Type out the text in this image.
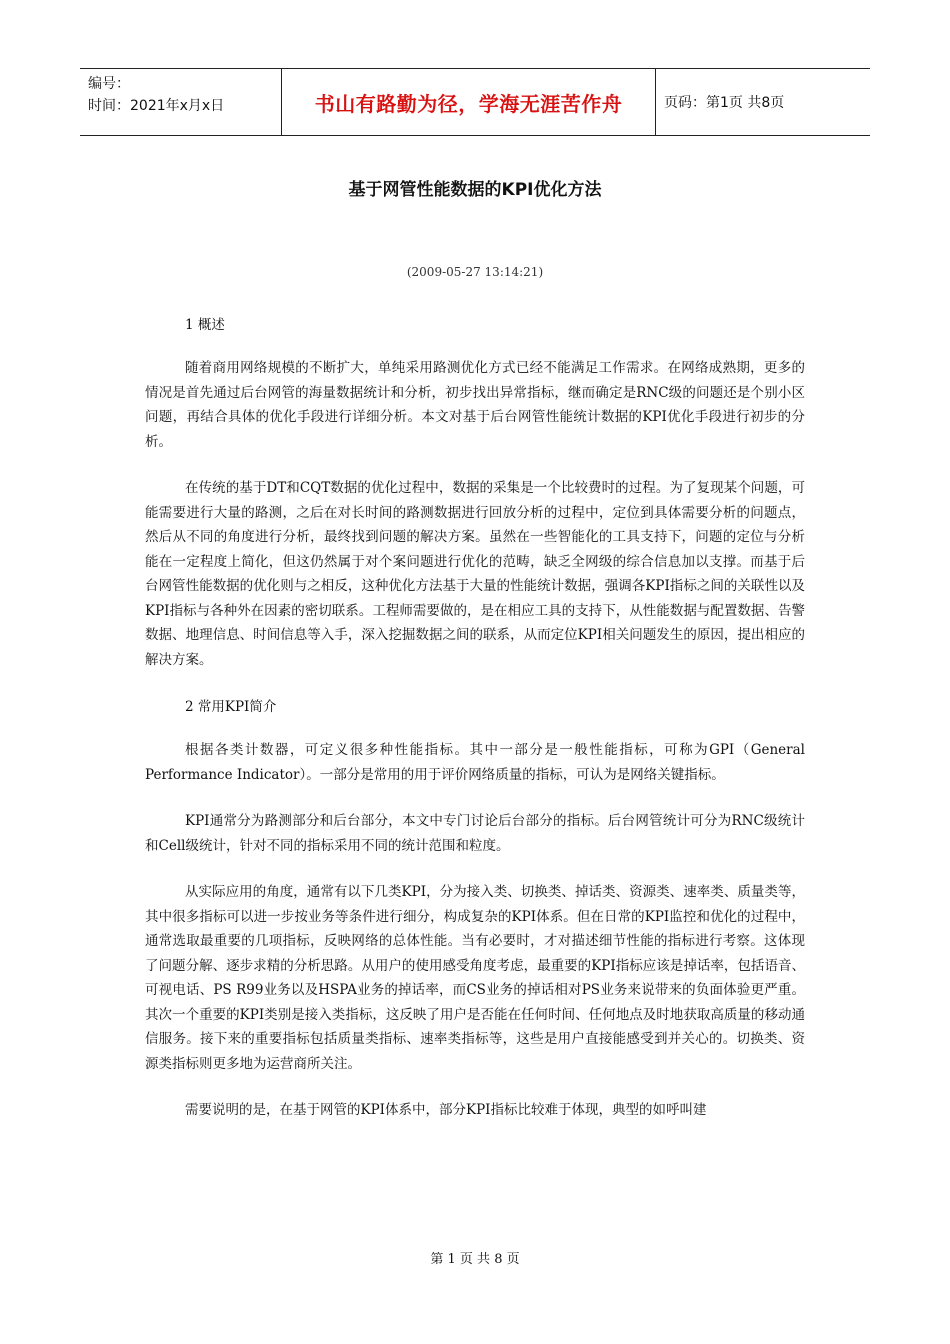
编号：
时间：2021年x月x日	书山有路勤为径，学海无涯苦作舟	页码：第1页 共8页
基于网管性能数据的KPI优化方法
(2009-05-27 13:14:21)
1 概述

随着商用网络规模的不断扩大，单纯采用路测优化方式已经不能满足工作需求。在网络成熟期，更多的情况是首先通过后台网管的海量数据统计和分析，初步找出异常指标，继而确定是RNC级的问题还是个别小区问题，再结合具体的优化手段进行详细分析。本文对基于后台网管性能统计数据的KPI优化手段进行初步的分析。

在传统的基于DT和CQT数据的优化过程中，数据的采集是一个比较费时的过程。为了复现某个问题，可能需要进行大量的路测，之后在对长时间的路测数据进行回放分析的过程中，定位到具体需要分析的问题点，然后从不同的角度进行分析，最终找到问题的解决方案。虽然在一些智能化的工具支持下，问题的定位与分析能在一定程度上简化，但这仍然属于对个案问题进行优化的范畴，缺乏全网级的综合信息加以支撑。而基于后台网管性能数据的优化则与之相反，这种优化方法基于大量的性能统计数据，强调各KPI指标之间的关联性以及KPI指标与各种外在因素的密切联系。工程师需要做的，是在相应工具的支持下，从性能数据与配置数据、告警数据、地理信息、时间信息等入手，深入挖掘数据之间的联系，从而定位KPI相关问题发生的原因，提出相应的解决方案。

2 常用KPI简介

根据各类计数器，可定义很多种性能指标。其中一部分是一般性能指标，可称为GPI（General Performance Indicator）。一部分是常用的用于评价网络质量的指标，可认为是网络关键指标。

KPI通常分为路测部分和后台部分，本文中专门讨论后台部分的指标。后台网管统计可分为RNC级统计和Cell级统计，针对不同的指标采用不同的统计范围和粒度。

从实际应用的角度，通常有以下几类KPI，分为接入类、切换类、掉话类、资源类、速率类、质量类等，其中很多指标可以进一步按业务等条件进行细分，构成复杂的KPI体系。但在日常的KPI监控和优化的过程中，通常选取最重要的几项指标，反映网络的总体性能。当有必要时，才对描述细节性能的指标进行考察。这体现了问题分解、逐步求精的分析思路。从用户的使用感受角度考虑，最重要的KPI指标应该是掉话率，包括语音、可视电话、PS R99业务以及HSPA业务的掉话率，而CS业务的掉话相对PS业务来说带来的负面体验更严重。其次一个重要的KPI类别是接入类指标，这反映了用户是否能在任何时间、任何地点及时地获取高质量的移动通信服务。接下来的重要指标包括质量类指标、速率类指标等，这些是用户直接能感受到并关心的。切换类、资源类指标则更多地为运营商所关注。

需要说明的是，在基于网管的KPI体系中，部分KPI指标比较难于体现，典型的如呼叫建

第 1 页 共 8 页
